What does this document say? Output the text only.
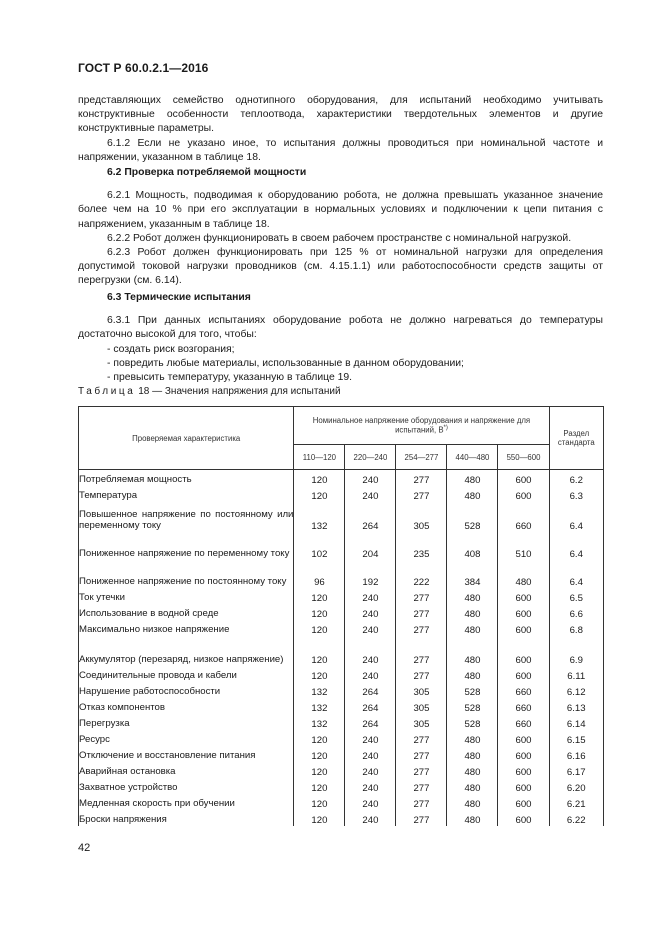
ГОСТ Р 60.0.2.1—2016

представляющих семейство однотипного оборудования, для испытаний необходимо учитывать конструктивные особенности теплоотвода, характеристики твердотельных элементов и другие конструктивные параметры.

6.1.2 Если не указано иное, то испытания должны проводиться при номинальной частоте и напряжении, указанном в таблице 18.

6.2 Проверка потребляемой мощности

6.2.1 Мощность, подводимая к оборудованию робота, не должна превышать указанное значение более чем на 10 % при его эксплуатации в нормальных условиях и подключении к цепи питания с напряжением, указанным в таблице 18.

6.2.2 Робот должен функционировать в своем рабочем пространстве с номинальной нагрузкой.

6.2.3 Робот должен функционировать при 125 % от номинальной нагрузки для определения допустимой токовой нагрузки проводников (см. 4.15.1.1) или работоспособности средств защиты от перегрузки (см. 6.14).

6.3 Термические испытания

6.3.1 При данных испытаниях оборудование робота не должно нагреваться до температуры достаточно высокой для того, чтобы:

- создать риск возгорания;

- повредить любые материалы, использованные в данном оборудовании;

- превысить температуру, указанную в таблице 19.

Таблица 18 — Значения напряжения для испытаний
Проверяемая характеристика	Номинальное напряжение оборудования и напряжение для испытаний, В*)					Раздел стандарта
	110—120	220—240	254—277	440—480	550—600	
Потребляемая мощность	120	240	277	480	600	6.2
Температура	120	240	277	480	600	6.3
Повышенное напряжение по постоянному или переменному току	132	264	305	528	660	6.4
Пониженное напряжение по переменному току	102	204	235	408	510	6.4
Пониженное напряжение по постоянному току	96	192	222	384	480	6.4
Ток утечки	120	240	277	480	600	6.5
Использование в водной среде	120	240	277	480	600	6.6
Максимально низкое напряжение	120	240	277	480	600	6.8
Аккумулятор (перезаряд, низкое напряжение)	120	240	277	480	600	6.9
Соединительные провода и кабели	120	240	277	480	600	6.11
Нарушение работоспособности	132	264	305	528	660	6.12
Отказ компонентов	132	264	305	528	660	6.13
Перегрузка	132	264	305	528	660	6.14
Ресурс	120	240	277	480	600	6.15
Отключение и восстановление питания	120	240	277	480	600	6.16
Аварийная остановка	120	240	277	480	600	6.17
Захватное устройство	120	240	277	480	600	6.20
Медленная скорость при обучении	120	240	277	480	600	6.21
Броски напряжения	120	240	277	480	600	6.22
42
